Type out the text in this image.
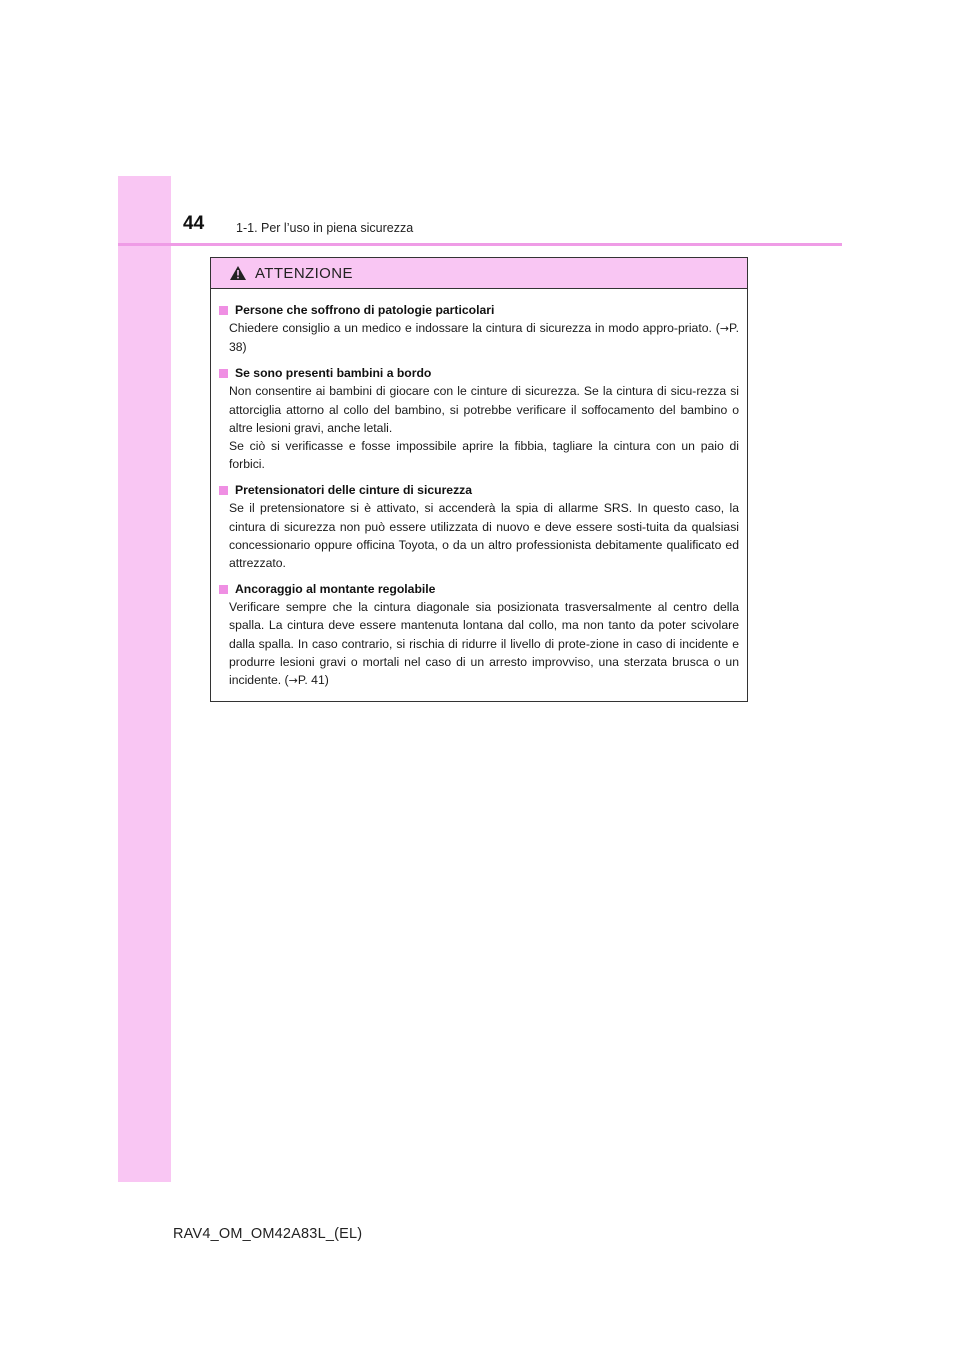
44	1-1. Per l’uso in piena sicurezza
ATTENZIONE
Persone che soffrono di patologie particolari
Chiedere consiglio a un medico e indossare la cintura di sicurezza in modo appro-priato. (→P. 38)
Se sono presenti bambini a bordo
Non consentire ai bambini di giocare con le cinture di sicurezza. Se la cintura di sicu-rezza si attorciglia attorno al collo del bambino, si potrebbe verificare il soffocamento del bambino o altre lesioni gravi, anche letali.
Se ciò si verificasse e fosse impossibile aprire la fibbia, tagliare la cintura con un paio di forbici.
Pretensionatori delle cinture di sicurezza
Se il pretensionatore si è attivato, si accenderà la spia di allarme SRS. In questo caso, la cintura di sicurezza non può essere utilizzata di nuovo e deve essere sosti-tuita da qualsiasi concessionario oppure officina Toyota, o da un altro professionista debitamente qualificato ed attrezzato.
Ancoraggio al montante regolabile
Verificare sempre che la cintura diagonale sia posizionata trasversalmente al centro della spalla. La cintura deve essere mantenuta lontana dal collo, ma non tanto da poter scivolare dalla spalla. In caso contrario, si rischia di ridurre il livello di prote-zione in caso di incidente e produrre lesioni gravi o mortali nel caso di un arresto improvviso, una sterzata brusca o un incidente. (→P. 41)
RAV4_OM_OM42A83L_(EL)
